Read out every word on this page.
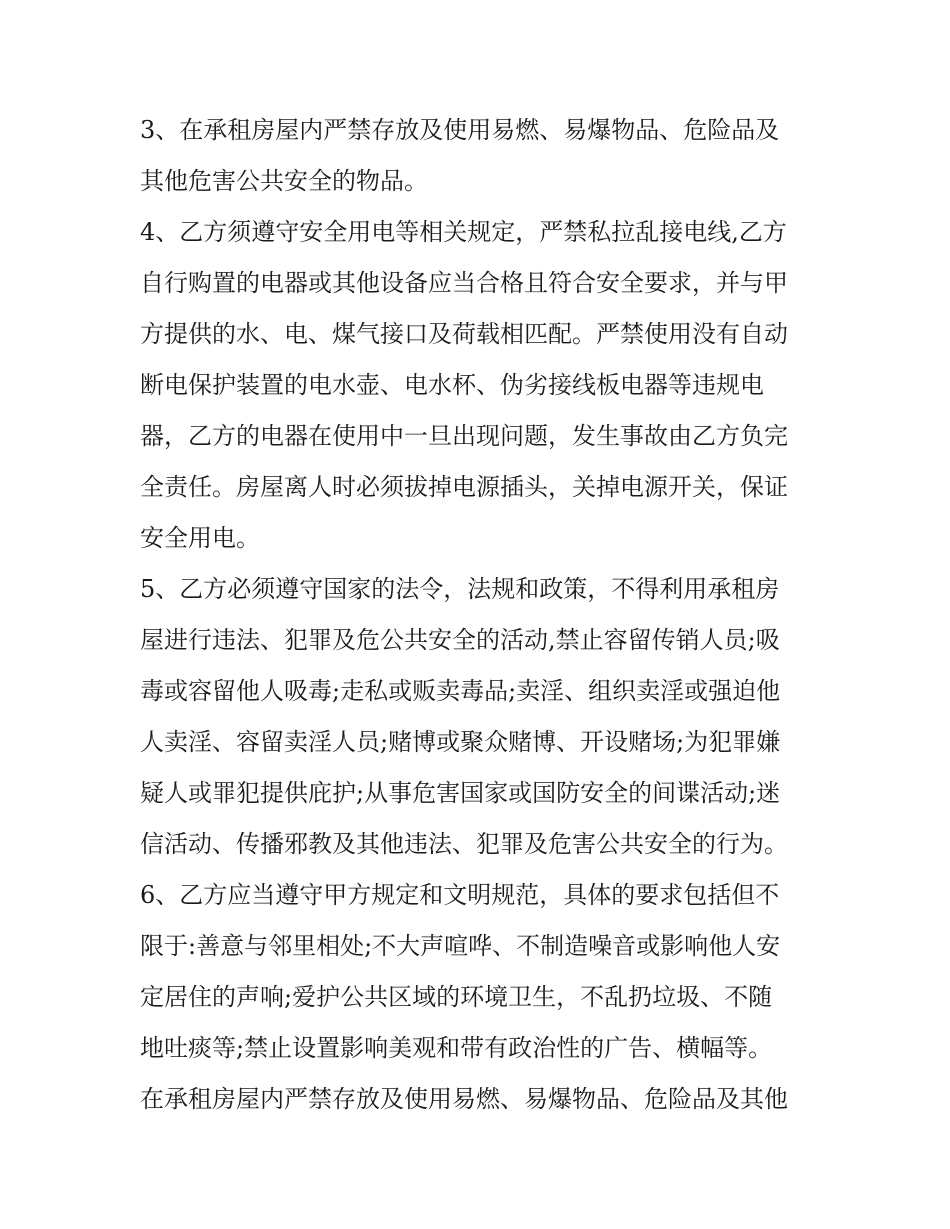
3、在承租房屋内严禁存放及使用易燃、易爆物品、危险品及
其他危害公共安全的物品。
4、乙方须遵守安全用电等相关规定，严禁私拉乱接电线,乙方
自行购置的电器或其他设备应当合格且符合安全要求，并与甲
方提供的水、电、煤气接口及荷载相匹配。严禁使用没有自动
断电保护装置的电水壶、电水杯、伪劣接线板电器等违规电
器，乙方的电器在使用中一旦出现问题，发生事故由乙方负完
全责任。房屋离人时必须拔掉电源插头，关掉电源开关，保证
安全用电。
5、乙方必须遵守国家的法令，法规和政策，不得利用承租房
屋进行违法、犯罪及危公共安全的活动,禁止容留传销人员;吸
毒或容留他人吸毒;走私或贩卖毒品;卖淫、组织卖淫或强迫他
人卖淫、容留卖淫人员;赌博或聚众赌博、开设赌场;为犯罪嫌
疑人或罪犯提供庇护;从事危害国家或国防安全的间谍活动;迷
信活动、传播邪教及其他违法、犯罪及危害公共安全的行为。
6、乙方应当遵守甲方规定和文明规范，具体的要求包括但不
限于:善意与邻里相处;不大声喧哗、不制造噪音或影响他人安
定居住的声响;爱护公共区域的环境卫生，不乱扔垃圾、不随
地吐痰等;禁止设置影响美观和带有政治性的广告、横幅等。
在承租房屋内严禁存放及使用易燃、易爆物品、危险品及其他
